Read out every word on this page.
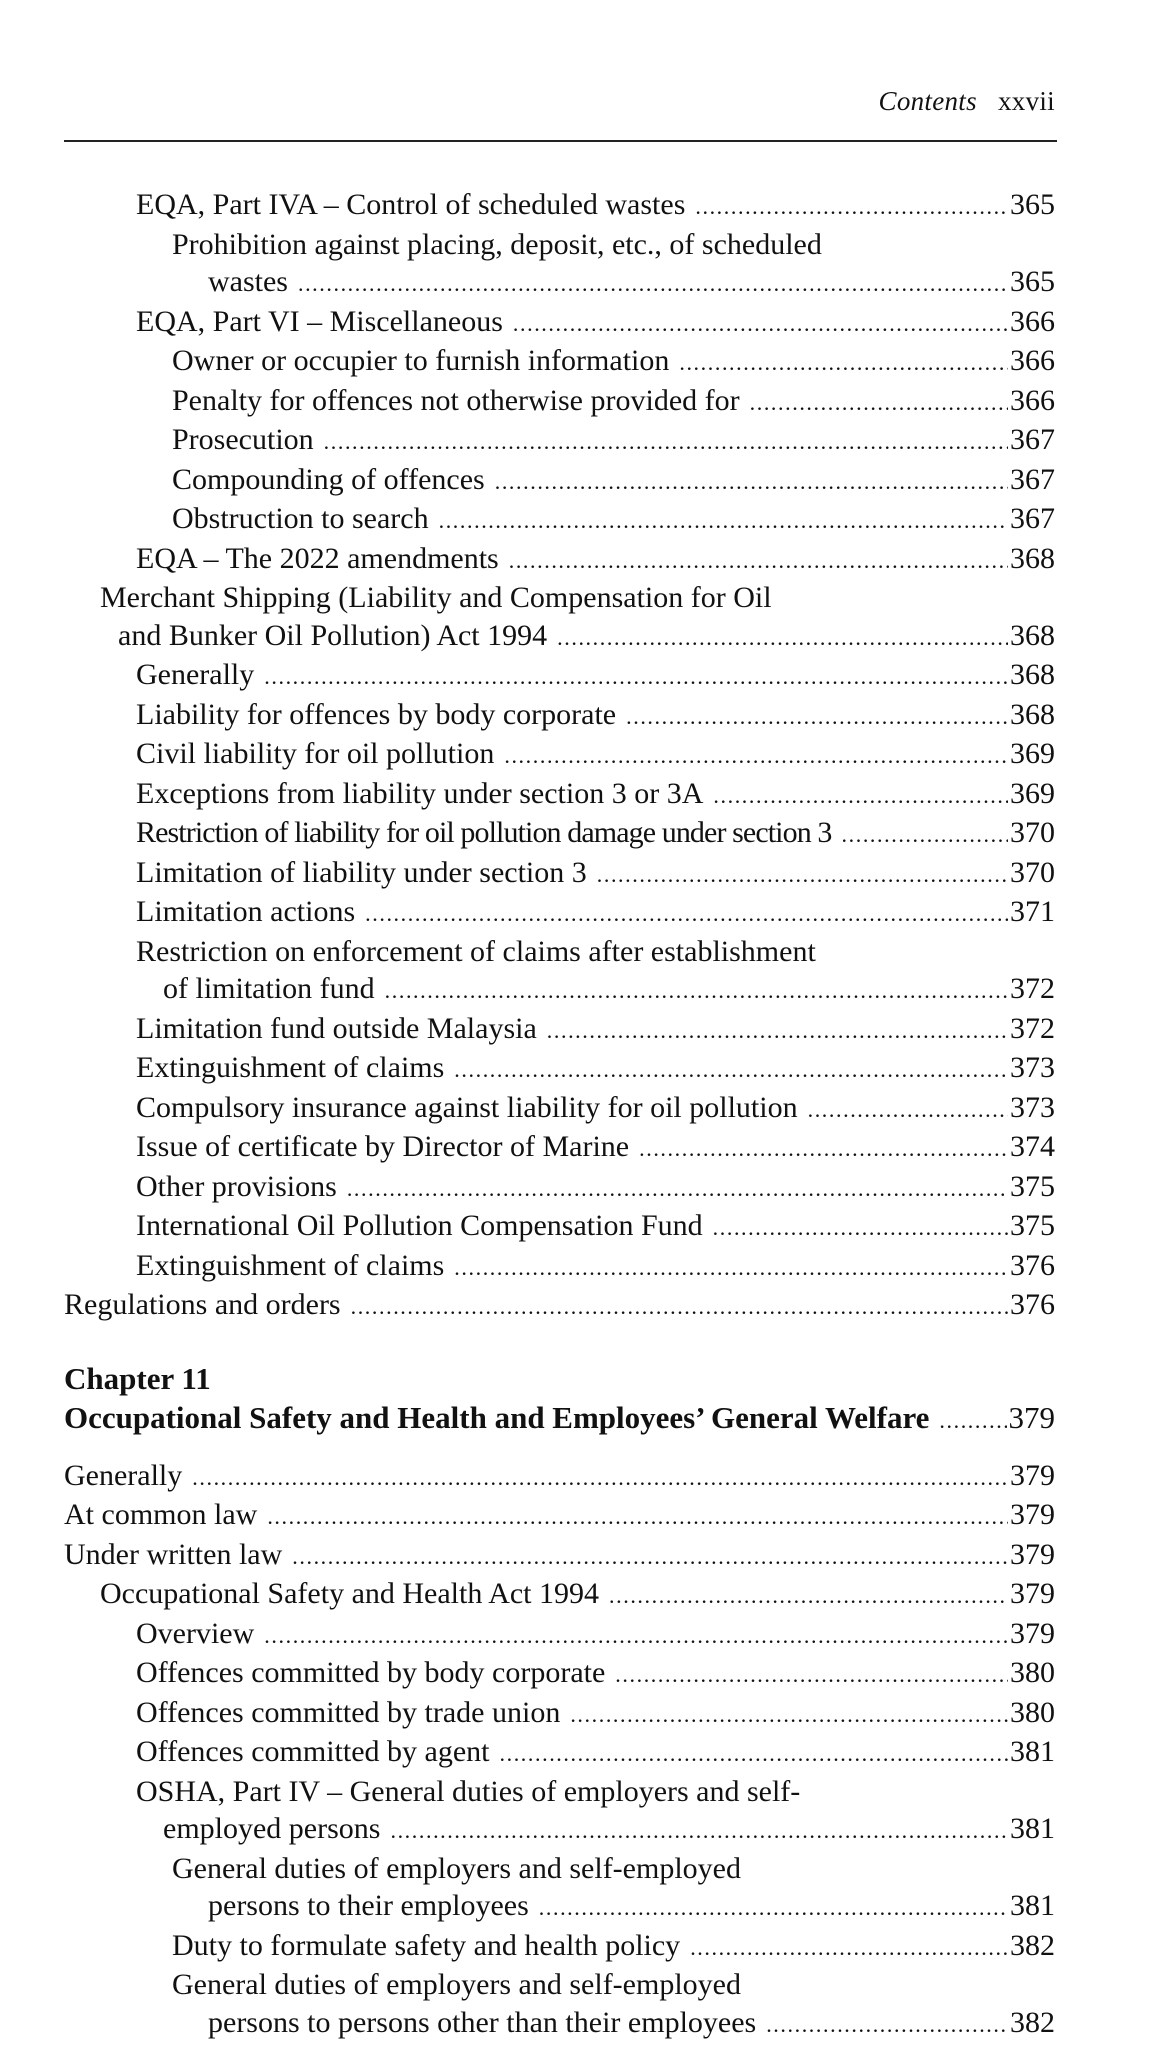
Contents xxvii
EQA, Part IVA – Control of scheduled wastes .....	365
Prohibition against placing, deposit, etc., of scheduled
wastes .....	365
EQA, Part VI – Miscellaneous .....	366
Owner or occupier to furnish information .....	366
Penalty for offences not otherwise provided for .....	366
Prosecution .....	367
Compounding of offences .....	367
Obstruction to search .....	367
EQA – The 2022 amendments .....	368
Merchant Shipping (Liability and Compensation for Oil
and Bunker Oil Pollution) Act 1994 .....	368
Generally .....	368
Liability for offences by body corporate .....	368
Civil liability for oil pollution .....	369
Exceptions from liability under section 3 or 3A .....	369
Restriction of liability for oil pollution damage under section 3 .....	370
Limitation of liability under section 3 .....	370
Limitation actions .....	371
Restriction on enforcement of claims after establishment
of limitation fund .....	372
Limitation fund outside Malaysia .....	372
Extinguishment of claims .....	373
Compulsory insurance against liability for oil pollution .....	373
Issue of certificate by Director of Marine .....	374
Other provisions .....	375
International Oil Pollution Compensation Fund .....	375
Extinguishment of claims .....	376
Regulations and orders .....	376
Chapter 11
Occupational Safety and Health and Employees’ General Welfare .....	379
Generally .....	379
At common law .....	379
Under written law .....	379
Occupational Safety and Health Act 1994 .....	379
Overview .....	379
Offences committed by body corporate .....	380
Offences committed by trade union .....	380
Offences committed by agent .....	381
OSHA, Part IV – General duties of employers and self-
employed persons .....	381
General duties of employers and self-employed
persons to their employees .....	381
Duty to formulate safety and health policy .....	382
General duties of employers and self-employed
persons to persons other than their employees .....	382
